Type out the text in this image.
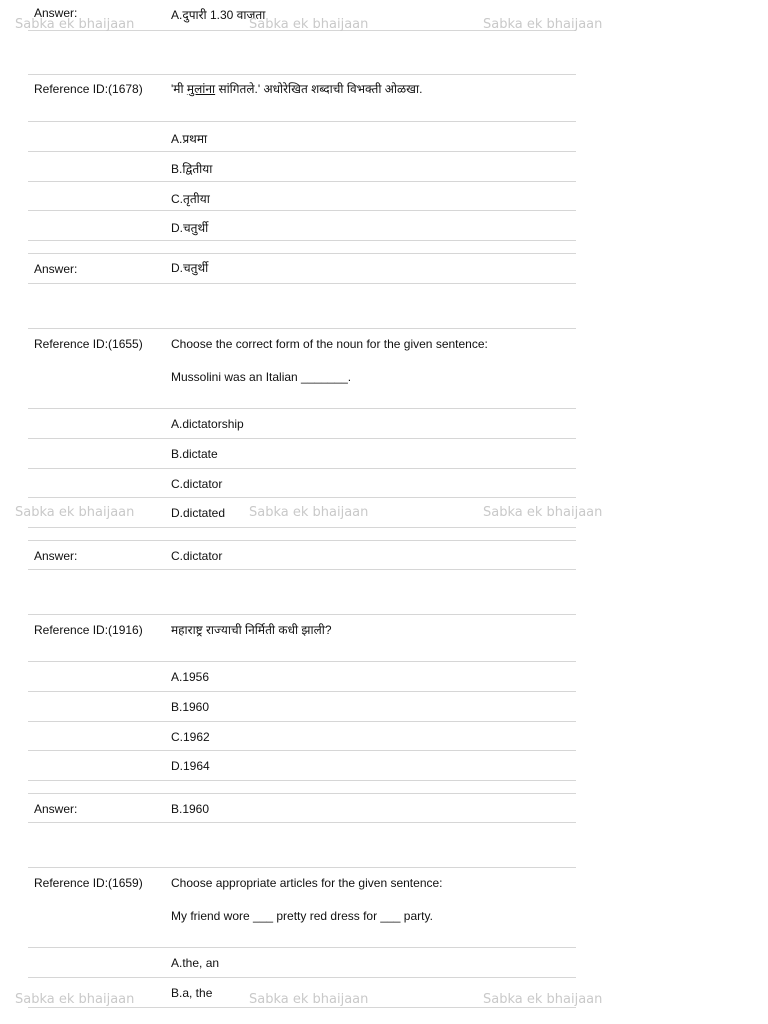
Answer:	A.दुपारी 1.30 वाजता
Reference ID:(1678) 'मी मुलांना सांगितले.' अधोरेखित शब्दाची विभक्ती ओळखा.
A.प्रथमा
B.द्वितीया
C.तृतीया
D.चतुर्थी
Answer:	D.चतुर्थी
Reference ID:(1655) Choose the correct form of the noun for the given sentence:
Mussolini was an Italian _______.
A.dictatorship
B.dictate
C.dictator
D.dictated
Answer:	C.dictator
Reference ID:(1916) महाराष्ट्र राज्याची निर्मिती कधी झाली?
A.1956
B.1960
C.1962
D.1964
Answer:	B.1960
Reference ID:(1659) Choose appropriate articles for the given sentence:
My friend wore ___ pretty red dress for ___ party.
A.the, an
B.a, the
Sabka ek bhaijaan	Sabka ek bhaijaan	Sabka ek bhaijaan
Sabka ek bhaijaan	Sabka ek bhaijaan	Sabka ek bhaijaan
Sabka ek bhaijaan	Sabka ek bhaijaan	Sabka ek bhaijaan
